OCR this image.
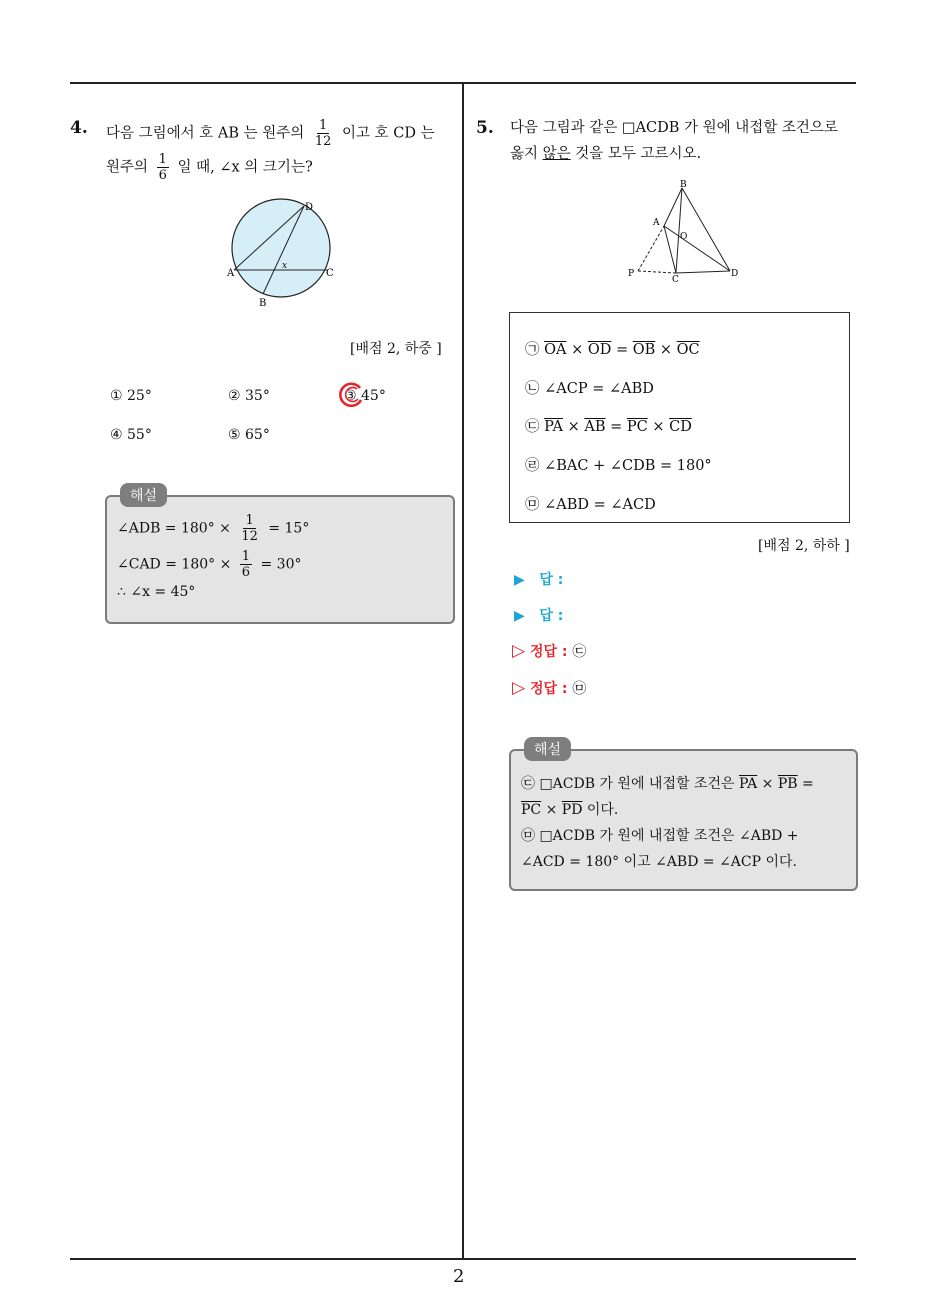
2
4. 다음 그림에서 호 AB 는 원주의 $\frac{1}{12}$ 이고 호 CD 는
원주의 $\frac{1}{6}$ 일 때, ∠x 의 크기는?
D
A	C
B
x
[배점 2, 하중 ]
① 25°	② 35°	③ 45°
④ 55°	⑤ 65°
해설
∠ADB = $180^\circ \times \frac{1}{12} = 15^\circ$
∠CAD = $180^\circ \times \frac{1}{6} = 30^\circ$
∴ ∠x = 45°
5. 다음 그림과 같은 □ACDB 가 원에 내접할 조건으로
옳지 않은 것을 모두 고르시오.
B
A
O
P
C
D
㉠ $\overline{OA} \times \overline{OD} = \overline{OB} \times \overline{OC}$
㉡ ∠ACP = ∠ABD
㉢ $\overline{PA} \times \overline{AB} = \overline{PC} \times \overline{CD}$
㉣ ∠BAC + ∠CDB = 180°
㉤ ∠ABD = ∠ACD
[배점 2, 하하 ]
▶ 답 :
▶ 답 :
▷ 정답 : ㉢
▷ 정답 : ㉤
해설
㉢ □ACDB 가 원에 내접할 조건은 $\overline{PA} \times \overline{PB}$ =
$\overline{PC} \times \overline{PD}$ 이다.
㉤ □ACDB 가 원에 내접할 조건은 ∠ABD +
∠ACD = 180° 이고 ∠ABD = ∠ACP 이다.
